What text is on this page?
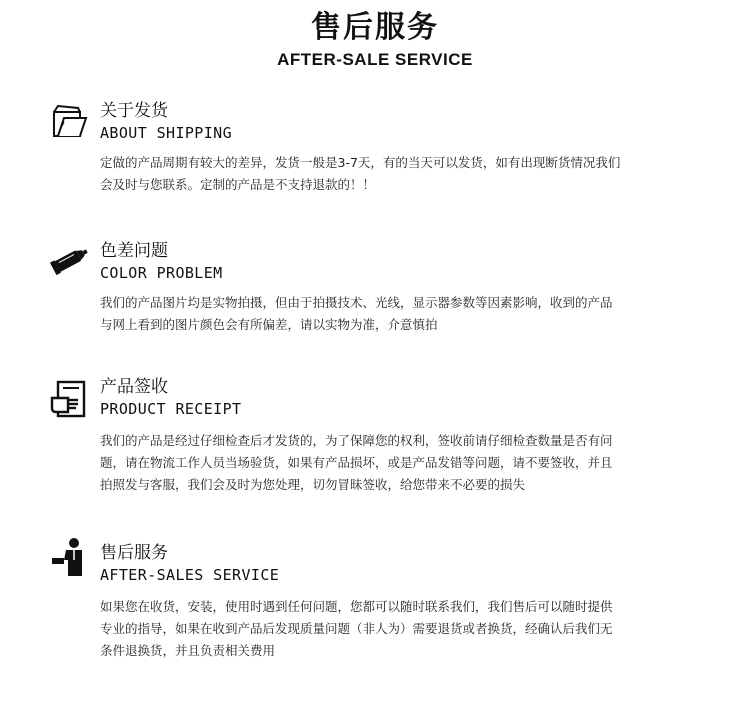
售后服务
AFTER-SALE SERVICE
关于发货
ABOUT SHIPPING
定做的产品周期有较大的差异，发货一般是3-7天，有的当天可以发货，如有出现断货情况我们
会及时与您联系。定制的产品是不支持退款的！！
色差问题
COLOR PROBLEM
我们的产品图片均是实物拍摄，但由于拍摄技术、光线，显示器参数等因素影响，收到的产品
与网上看到的图片颜色会有所偏差，请以实物为准，介意慎拍
产品签收
PRODUCT RECEIPT
我们的产品是经过仔细检查后才发货的，为了保障您的权利，签收前请仔细检查数量是否有问
题，请在物流工作人员当场验货，如果有产品损坏，或是产品发错等问题，请不要签收，并且
拍照发与客服，我们会及时为您处理，切勿冒昧签收，给您带来不必要的损失
售后服务
AFTER-SALES SERVICE
如果您在收货，安装，使用时遇到任何问题，您都可以随时联系我们，我们售后可以随时提供
专业的指导，如果在收到产品后发现质量问题（非人为）需要退货或者换货，经确认后我们无
条件退换货，并且负责相关费用
